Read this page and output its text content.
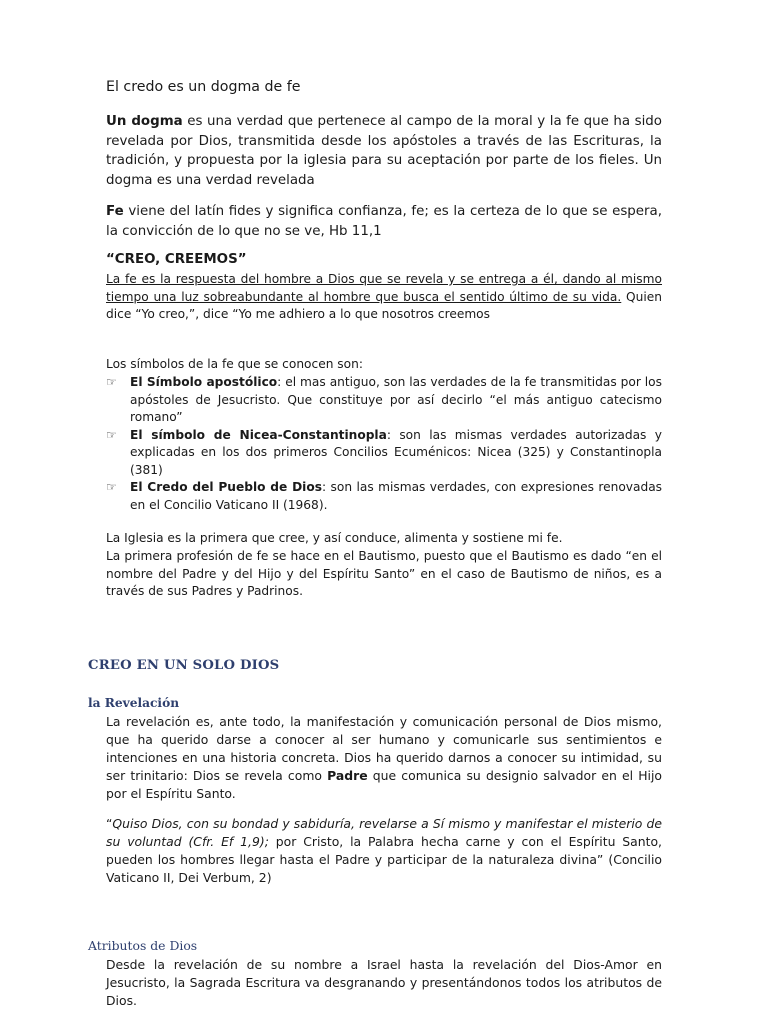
El credo es un dogma de fe

Un dogma es una verdad que pertenece al campo de la moral y la fe que ha sido revelada por Dios, transmitida desde los apóstoles a través de las Escrituras, la tradición, y propuesta por la iglesia para su aceptación por parte de los fieles. Un dogma es una verdad revelada

Fe viene del latín fides y significa confianza, fe; es la certeza de lo que se espera, la convicción de lo que no se ve, Hb 11,1

“CREO, CREEMOS”

La fe es la respuesta del hombre a Dios que se revela y se entrega a él, dando al mismo tiempo una luz sobreabundante al hombre que busca el sentido último de su vida. Quien dice “Yo creo,”, dice “Yo me adhiero a lo que nosotros creemos

Los símbolos de la fe que se conocen son:

☞ El Símbolo apostólico: el mas antiguo, son las verdades de la fe transmitidas por los apóstoles de Jesucristo. Que constituye por así decirlo “el más antiguo catecismo romano”
☞ El símbolo de Nicea-Constantinopla: son las mismas verdades autorizadas y explicadas en los dos primeros Concilios Ecuménicos: Nicea (325) y Constantinopla (381)
☞ El Credo del Pueblo de Dios: son las mismas verdades, con expresiones renovadas en el Concilio Vaticano II (1968).

La Iglesia es la primera que cree, y así conduce, alimenta y sostiene mi fe.

La primera profesión de fe se hace en el Bautismo, puesto que el Bautismo es dado “en el nombre del Padre y del Hijo y del Espíritu Santo” en el caso de Bautismo de niños, es a través de sus Padres y Padrinos.

CREO EN UN SOLO DIOS

la Revelación

La revelación es, ante todo, la manifestación y comunicación personal de Dios mismo, que ha querido darse a conocer al ser humano y comunicarle sus sentimientos e intenciones en una historia concreta. Dios ha querido darnos a conocer su intimidad, su ser trinitario: Dios se revela como Padre que comunica su designio salvador en el Hijo por el Espíritu Santo.

“Quiso Dios, con su bondad y sabiduría, revelarse a Sí mismo y manifestar el misterio de su voluntad (Cfr. Ef 1,9); por Cristo, la Palabra hecha carne y con el Espíritu Santo, pueden los hombres llegar hasta el Padre y participar de la naturaleza divina” (Concilio Vaticano II, Dei Verbum, 2)

Atributos de Dios

Desde la revelación de su nombre a Israel hasta la revelación del Dios-Amor en Jesucristo, la Sagrada Escritura va desgranando y presentándonos todos los atributos de Dios.
